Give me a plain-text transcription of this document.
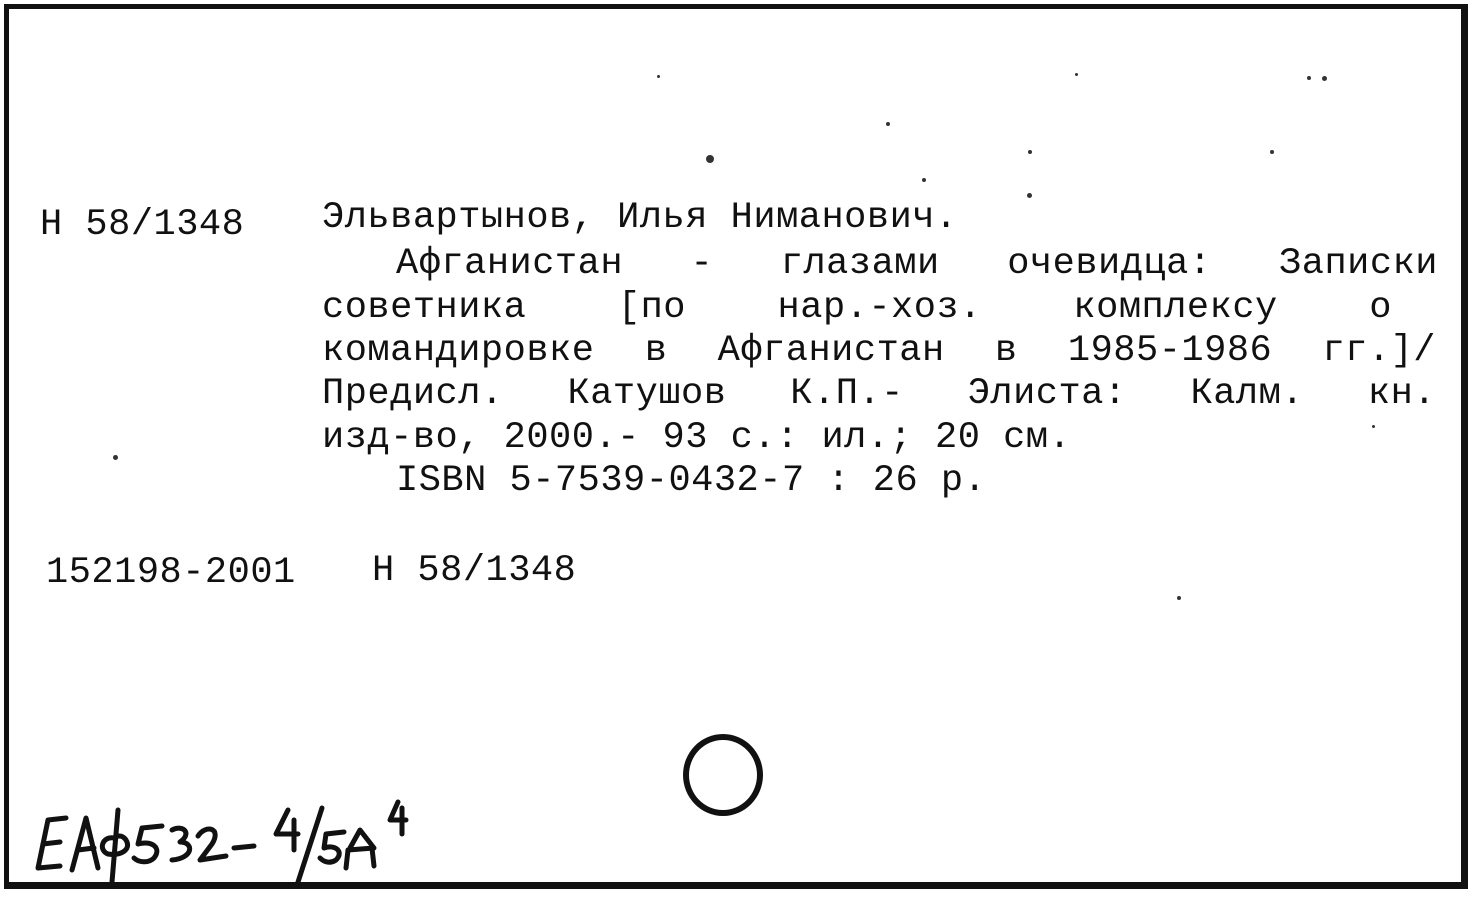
Н 58/1348 Эльвартынов, Илья Ниманович.
Афганистан - глазами очевидца: Записки
советника [по нар.-хоз. комплексу о
командировке в Афганистан в 1985-1986 гг.]/
Предисл. Катушов К.П.- Элиста: Калм. кн.
изд-во, 2000.- 93 с.: ил.; 20 см.
ISBN 5-7539-0432-7 : 26 р.
152198-2001 Н 58/1348
